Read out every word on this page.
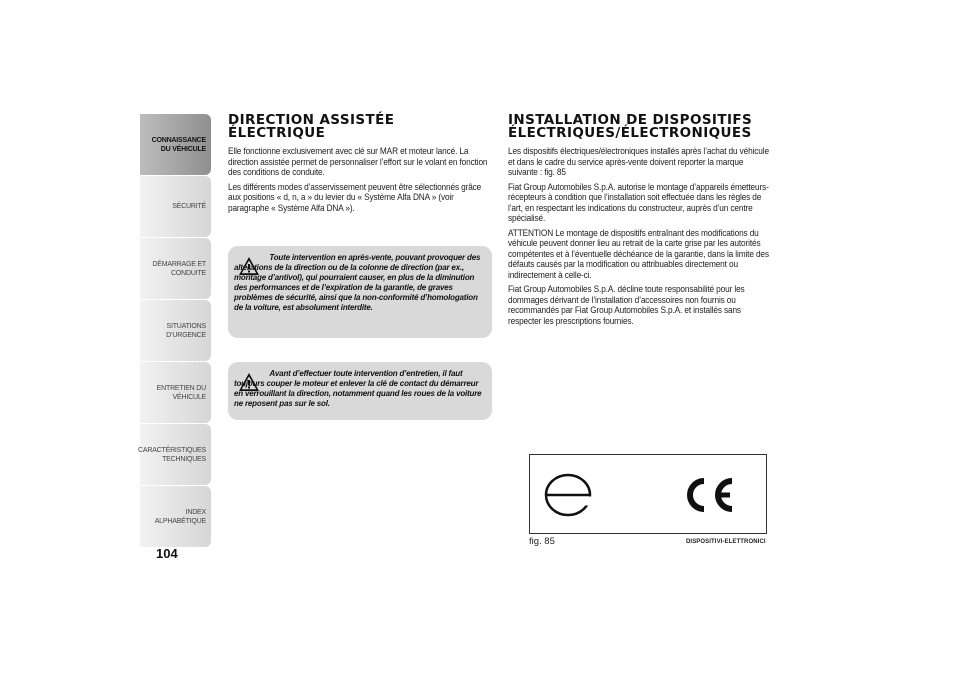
CONNAISSANCE
DU VÉHICULE
SÉCURITÉ
DÉMARRAGE ET
CONDUITE
SITUATIONS
D’URGENCE
ENTRETIEN DU
VÉHICULE
CARACTÉRISTIQUES
TECHNIQUES
INDEX
ALPHABÉTIQUE
104
DIRECTION ASSISTÉE
ÉLECTRIQUE

Elle fonctionne exclusivement avec clé sur MAR et moteur lancé. La direction assistée permet de personnaliser l’effort sur le volant en fonction des conditions de conduite.

Les différents modes d’asservissement peuvent être sélectionnés grâce aux positions « d, n, a » du levier du « Système Alfa DNA » (voir paragraphe « Système Alfa DNA »).

Toute intervention en après-vente, pouvant provoquer des altérations de la direction ou de la colonne de direction (par ex., montage d’antivol), qui pourraient causer, en plus de la diminution des performances et de l’expiration de la garantie, de graves problèmes de sécurité, ainsi que la non-conformité d’homologation de la voiture, est absolument interdite.

Avant d’effectuer toute intervention d’entretien, il faut toujours couper le moteur et enlever la clé de contact du démarreur en verrouillant la direction, notamment quand les roues de la voiture ne reposent pas sur le sol.

INSTALLATION DE DISPOSITIFS
ÉLECTRIQUES/ÉLECTRONIQUES

Les dispositifs électriques/électroniques installés après l’achat du véhicule et dans le cadre du service après-vente doivent reporter la marque suivante : fig. 85

Fiat Group Automobiles S.p.A. autorise le montage d’appareils émetteurs-récepteurs à condition que l’installation soit effectuée dans les règles de l’art, en respectant les indications du constructeur, auprès d’un centre spécialisé.

ATTENTION Le montage de dispositifs entraînant des modifications du véhicule peuvent donner lieu au retrait de la carte grise par les autorités compétentes et à l’éventuelle déchéance de la garantie, dans la limite des défauts causés par la modification ou attribuables directement ou indirectement à celle-ci.

Fiat Group Automobiles S.p.A. décline toute responsabilité pour les dommages dérivant de l’installation d’accessoires non fournis ou recommandés par Fiat Group Automobiles S.p.A. et installés sans respecter les prescriptions fournies.

fig. 85	DISPOSITIVI-ELETTRONICI
